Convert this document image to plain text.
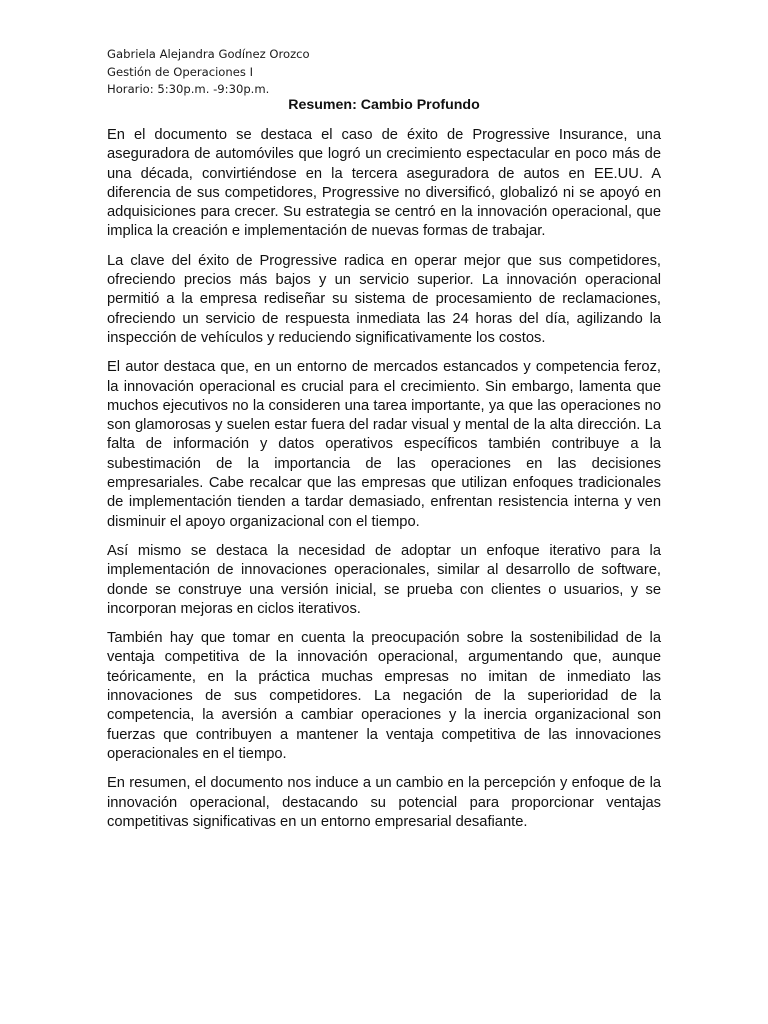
Gabriela Alejandra Godínez Orozco
Gestión de Operaciones I
Horario: 5:30p.m. -9:30p.m.
Resumen: Cambio Profundo

En el documento se destaca el caso de éxito de Progressive Insurance, una aseguradora de automóviles que logró un crecimiento espectacular en poco más de una década, convirtiéndose en la tercera aseguradora de autos en EE.UU. A diferencia de sus competidores, Progressive no diversificó, globalizó ni se apoyó en adquisiciones para crecer. Su estrategia se centró en la innovación operacional, que implica la creación e implementación de nuevas formas de trabajar.

La clave del éxito de Progressive radica en operar mejor que sus competidores, ofreciendo precios más bajos y un servicio superior. La innovación operacional permitió a la empresa rediseñar su sistema de procesamiento de reclamaciones, ofreciendo un servicio de respuesta inmediata las 24 horas del día, agilizando la inspección de vehículos y reduciendo significativamente los costos.

El autor destaca que, en un entorno de mercados estancados y competencia feroz, la innovación operacional es crucial para el crecimiento. Sin embargo, lamenta que muchos ejecutivos no la consideren una tarea importante, ya que las operaciones no son glamorosas y suelen estar fuera del radar visual y mental de la alta dirección. La falta de información y datos operativos específicos también contribuye a la subestimación de la importancia de las operaciones en las decisiones empresariales. Cabe recalcar que las empresas que utilizan enfoques tradicionales de implementación tienden a tardar demasiado, enfrentan resistencia interna y ven disminuir el apoyo organizacional con el tiempo.

Así mismo se destaca la necesidad de adoptar un enfoque iterativo para la implementación de innovaciones operacionales, similar al desarrollo de software, donde se construye una versión inicial, se prueba con clientes o usuarios, y se incorporan mejoras en ciclos iterativos.

También hay que tomar en cuenta la preocupación sobre la sostenibilidad de la ventaja competitiva de la innovación operacional, argumentando que, aunque teóricamente, en la práctica muchas empresas no imitan de inmediato las innovaciones de sus competidores. La negación de la superioridad de la competencia, la aversión a cambiar operaciones y la inercia organizacional son fuerzas que contribuyen a mantener la ventaja competitiva de las innovaciones operacionales en el tiempo.

En resumen, el documento nos induce a un cambio en la percepción y enfoque de la innovación operacional, destacando su potencial para proporcionar ventajas competitivas significativas en un entorno empresarial desafiante.
